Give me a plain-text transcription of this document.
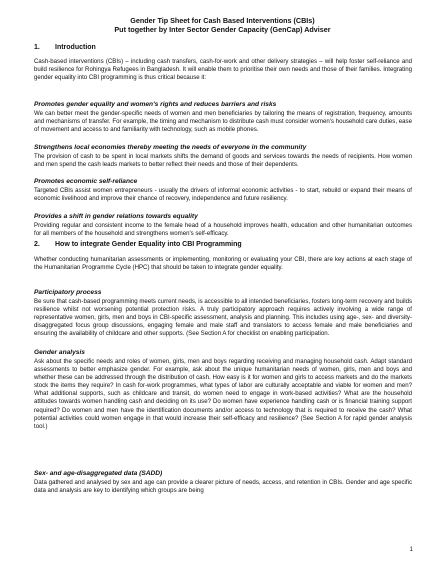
Gender Tip Sheet for Cash Based Interventions (CBIs)
Put together by Inter Sector Gender Capacity (GenCap) Adviser
1. Introduction
Cash-based interventions (CBIs) – including cash transfers, cash-for-work and other delivery strategies – will help foster self-reliance and build resilience for Rohingya Refugees in Bangladesh. It will enable them to prioritise their own needs and those of their families. Integrating gender equality into CBI programming is thus critical because it:
Promotes gender equality and women's rights and reduces barriers and risks
We can better meet the gender-specific needs of women and men beneficiaries by tailoring the means of registration, frequency, amounts and mechanisms of transfer. For example, the timing and mechanism to distribute cash must consider women's household care duties, ease of movement and access to and familiarity with technology, such as mobile phones.
Strengthens local economies thereby meeting the needs of everyone in the community
The provision of cash to be spent in local markets shifts the demand of goods and services towards the needs of recipients. How women and men spend the cash leads markets to better reflect their needs and those of their dependents.
Promotes economic self-reliance
Targeted CBIs assist women entrepreneurs - usually the drivers of informal economic activities - to start, rebuild or expand their means of economic livelihood and improve their chance of recovery, independence and future resiliency.
Provides a shift in gender relations towards equality
Providing regular and consistent income to the female head of a household improves health, education and other humanitarian outcomes for all members of the household and strengthens women's self-efficacy.
2. How to integrate Gender Equality into CBI Programming
Whether conducting humanitarian assessments or implementing, monitoring or evaluating your CBI, there are key actions at each stage of the Humanitarian Programme Cycle (HPC) that should be taken to integrate gender equality.
Participatory process
Be sure that cash-based programming meets current needs, is accessible to all intended beneficiaries, fosters long-term recovery and builds resilience whilst not worsening potential protection risks. A truly participatory approach requires actively involving a wide range of representative women, girls, men and boys in CBI-specific assessment, analysis and planning. This includes using age-, sex- and diversity-disaggregated focus group discussions, engaging female and male staff and translators to access female and male beneficiaries and ensuring the availability of childcare and other supports. (See Section A for checklist on enabling participation.
Gender analysis
Ask about the specific needs and roles of women, girls, men and boys regarding receiving and managing household cash. Adapt standard assessments to better emphasize gender. For example, ask about the unique humanitarian needs of women, girls, men and boys and whether these can be addressed through the distribution of cash. How easy is it for women and girls to access markets and do the markets stock the items they require? In cash for-work programmes, what types of labor are culturally acceptable and viable for women and men? What additional supports, such as childcare and transit, do women need to engage in work-based activities? What are the household attitudes towards women handling cash and deciding on its use? Do women have experience handling cash or is financial training support required? Do women and men have the identification documents and/or access to technology that is required to receive the cash? What potential activities could women engage in that would increase their self-efficacy and resilience? (See Section A for rapid gender analysis tool.)
Sex- and age-disaggregated data (SADD)
Data gathered and analysed by sex and age can provide a clearer picture of needs, access, and retention in CBIs. Gender and age specific data and analysis are key to identifying which groups are being
1
